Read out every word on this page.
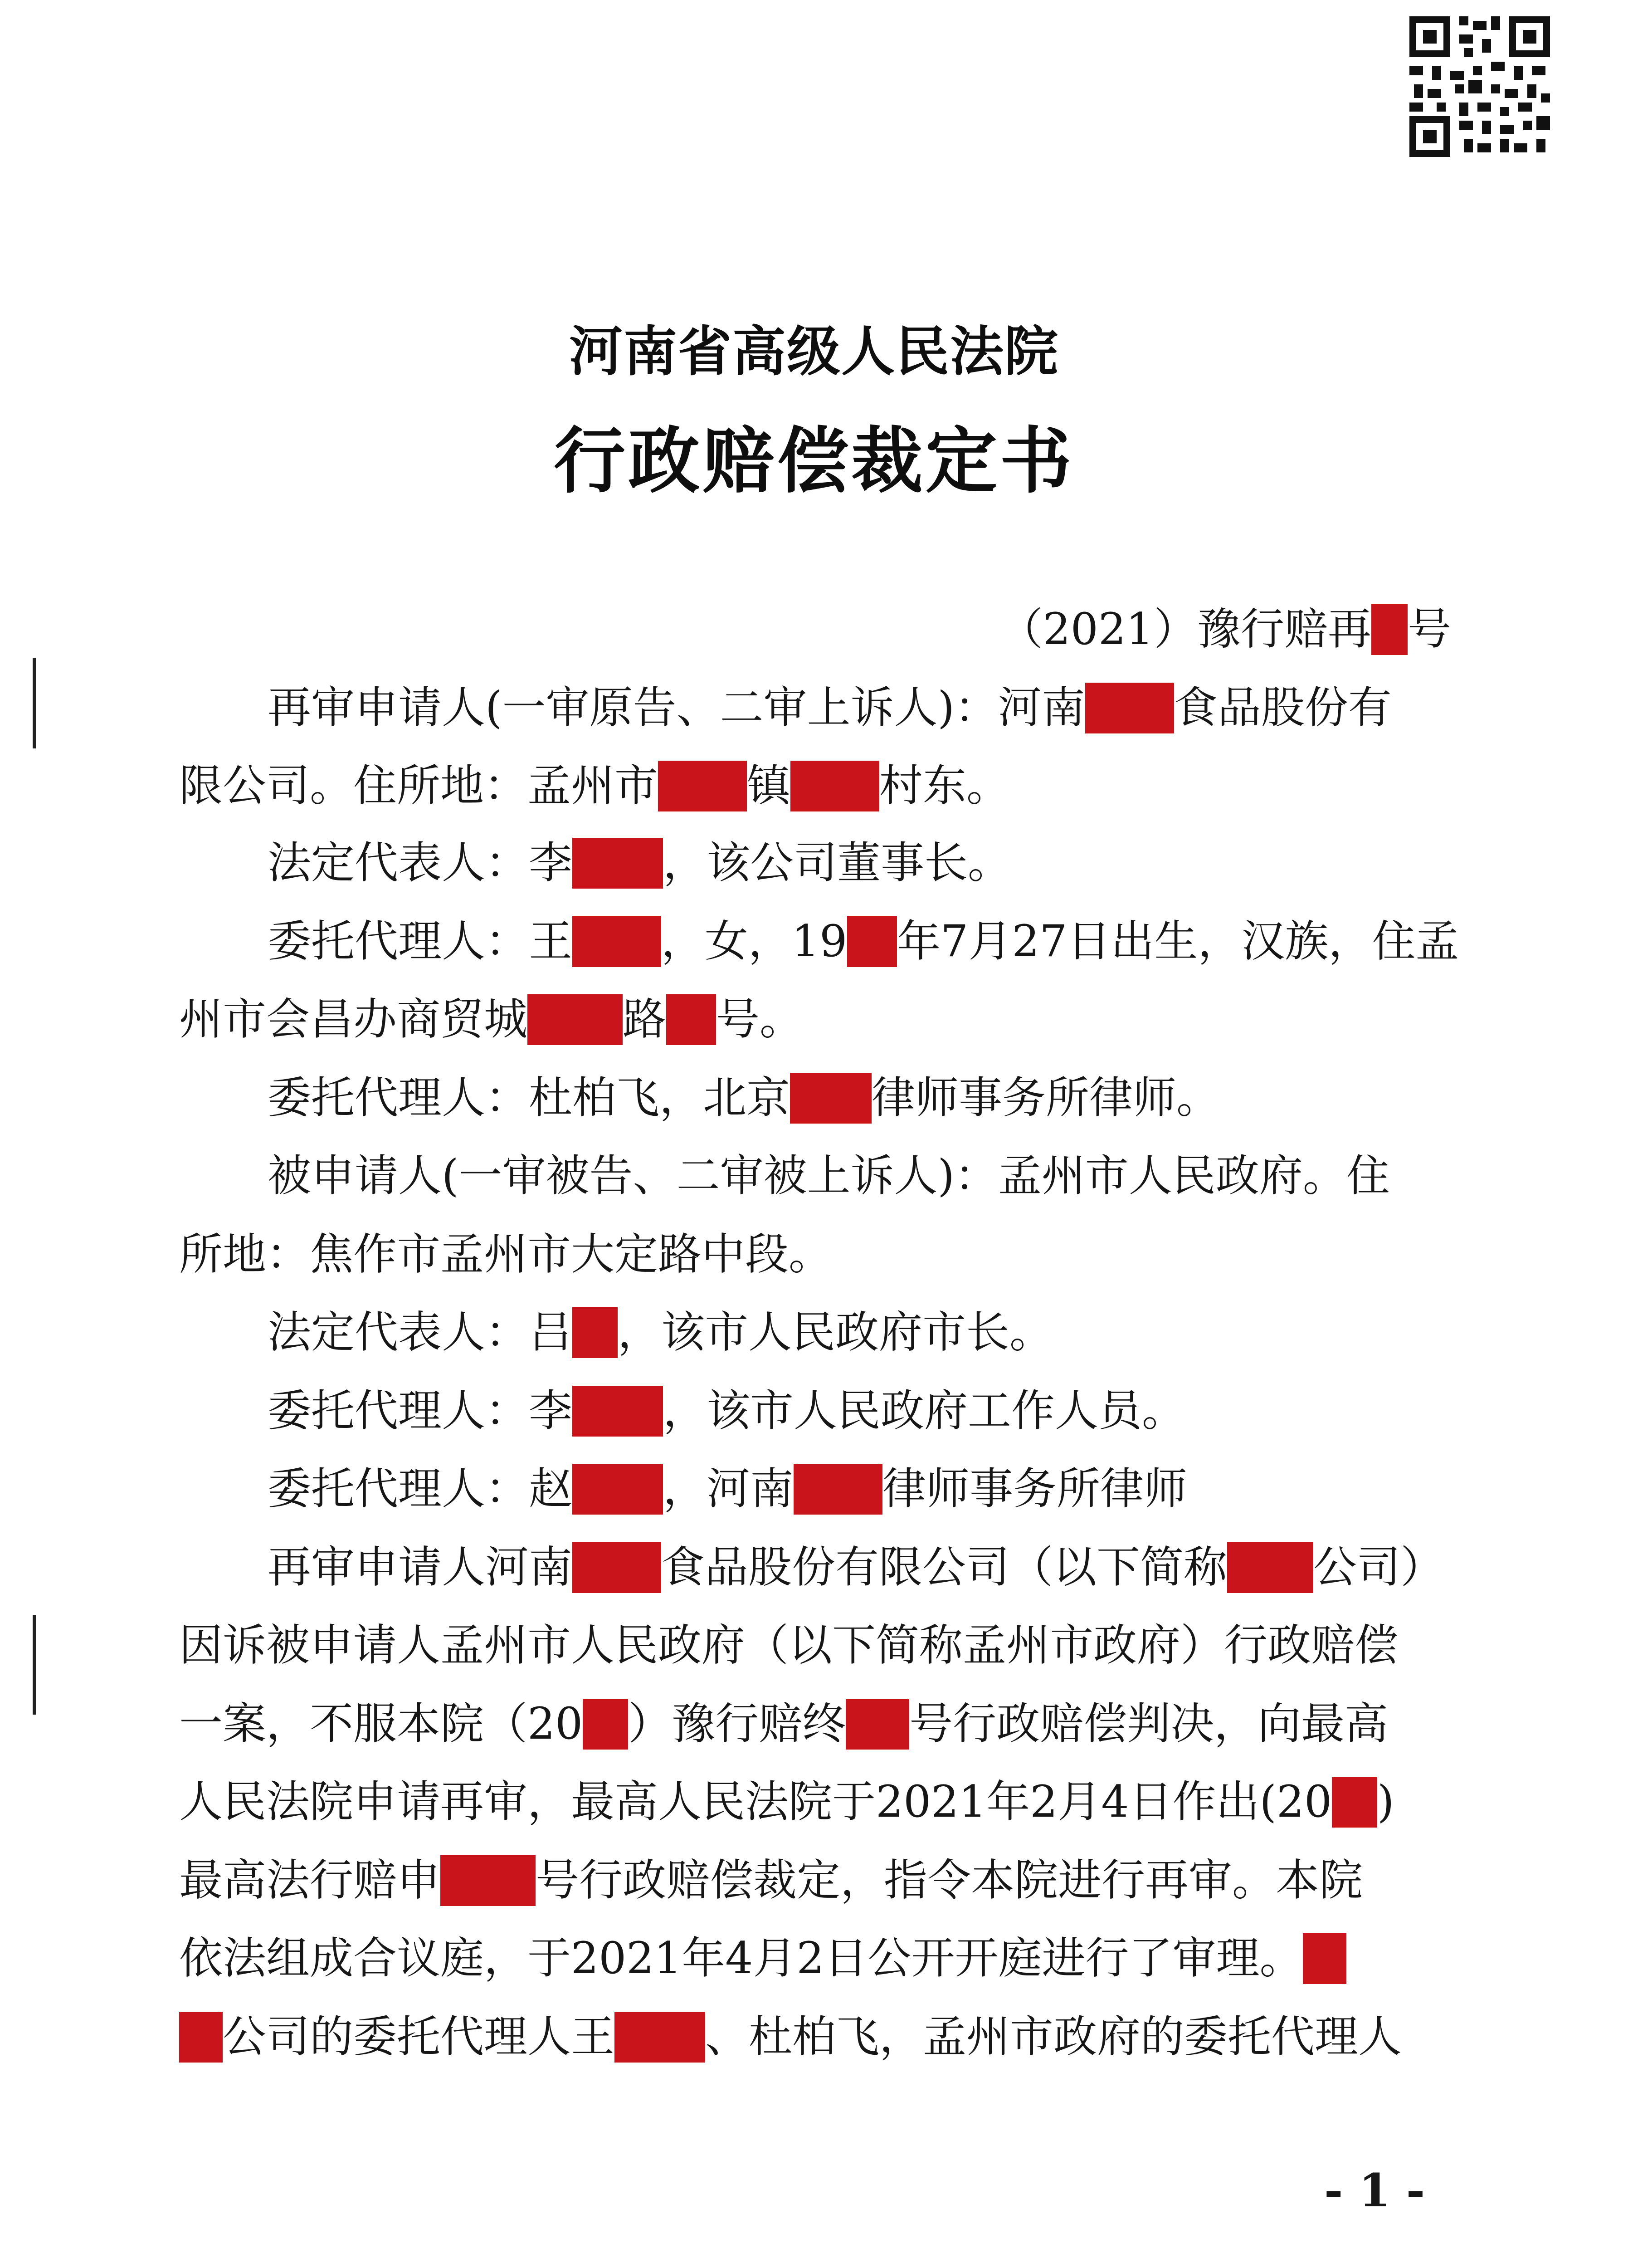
河南省高级人民法院
行政赔偿裁定书
（2021）豫行赔再 号
再审申请人(一审原告、二审上诉人)：河南 食品股份有
限公司。住所地：孟州市 镇 村东。
法定代表人：李 ，该公司董事长。
委托代理人：王 ，女，19 年7月27日出生，汉族，住孟
州市会昌办商贸城 路 号。
委托代理人：杜柏飞，北京 律师事务所律师。
被申请人(一审被告、二审被上诉人)：孟州市人民政府。住
所地：焦作市孟州市大定路中段。
法定代表人：吕 ，该市人民政府市长。
委托代理人：李 ，该市人民政府工作人员。
委托代理人：赵 ，河南 律师事务所律师
再审申请人河南 食品股份有限公司（以下简称 公司）
因诉被申请人孟州市人民政府（以下简称孟州市政府）行政赔偿
一案，不服本院（20 ）豫行赔终 号行政赔偿判决，向最高
人民法院申请再审，最高人民法院于2021年2月4日作出(20 )
最高法行赔申 号行政赔偿裁定，指令本院进行再审。本院
依法组成合议庭，于2021年4月2日公开开庭进行了审理。
公司的委托代理人王 、杜柏飞，孟州市政府的委托代理人
- 1 -
